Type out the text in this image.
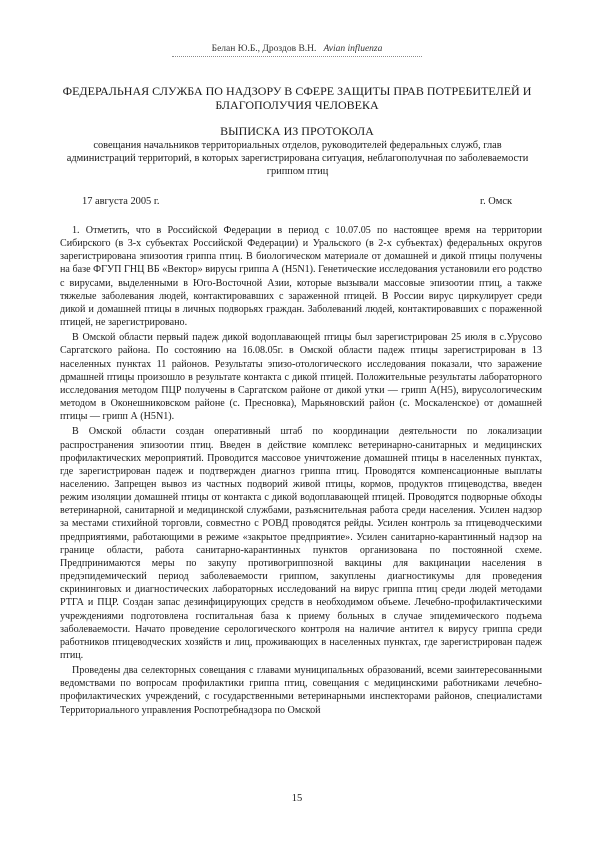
Белан Ю.Б., Дроздов В.Н. Avian influenza
ФЕДЕРАЛЬНАЯ СЛУЖБА ПО НАДЗОРУ В СФЕРЕ ЗАЩИТЫ ПРАВ ПОТРЕБИТЕЛЕЙ И БЛАГОПОЛУЧИЯ ЧЕЛОВЕКА
ВЫПИСКА ИЗ ПРОТОКОЛА
совещания начальников территориальных отделов, руководителей федеральных служб, глав администраций территорий, в которых зарегистрирована ситуация, неблагополучная по заболеваемости гриппом птиц
17 августа 2005 г.	г. Омск

1. Отметить, что в Российской Федерации в период с 10.07.05 по настоящее время на территории Сибирского (в 3-х субъектах Российской Федерации) и Уральского (в 2-х субъектах) федеральных округов зарегистрирована эпизоотия гриппа птиц. В биологическом материале от домашней и дикой птицы получены на базе ФГУП ГНЦ ВБ «Вектор» вирусы гриппа А (H5N1). Генетические исследования установили его родство с вирусами, выделенными в Юго-Восточной Азии, которые вызывали массовые эпизоотии птиц, а также тяжелые заболевания людей, контактировавших с зараженной птицей. В России вирус циркулирует среди дикой и домашней птицы в личных подворьях граждан. Заболеваний людей, контактировавших с пораженной птицей, не зарегистрировано.

В Омской области первый падеж дикой водоплавающей птицы был зарегистрирован 25 июля в с.Урусово Саргатского района. По состоянию на 16.08.05г. в Омской области падеж птицы зарегистрирован в 13 населенных пунктах 11 районов. Результаты эпизо-отологического исследования показали, что заражение дрмашней птицы произошло в результате контакта с дикой птицей. Положительные результаты лабораторного исследования методом ПЦР получены в Саргатском районе от дикой утки — грипп А(Н5), вирусологическим методом в Оконешниковском районе (с. Пресновка), Марьяновский район (с. Москаленское) от домашней птицы — грипп А (H5N1).

В Омской области создан оперативный штаб по координации деятельности по локализации распространения эпизоотии птиц. Введен в действие комплекс ветеринарно-санитарных и медицинских профилактических мероприятий. Проводится массовое уничтожение домашней птицы в населенных пунктах, где зарегистрирован падеж и подтвержден диагноз гриппа птиц. Проводятся компенсационные выплаты населению. Запрещен вывоз из частных подворий живой птицы, кормов, продуктов птицеводства, введен режим изоляции домашней птицы от контакта с дикой водоплавающей птицей. Проводятся подворные обходы ветеринарной, санитарной и медицинской службами, разъяснительная работа среди населения. Усилен надзор за местами стихийной торговли, совместно с РОВД проводятся рейды. Усилен контроль за птицеводческими предприятиями, работающими в режиме «закрытое предприятие». Усилен санитарно-карантинный надзор на границе области, работа санитарно-карантинных пунктов организована по постоянной схеме. Предпринимаются меры по закупу противогриппозной вакцины для вакцинации населения в предэпидемический период заболеваемости гриппом, закуплены диагностикумы для проведения скрининговых и диагностических лабораторных исследований на вирус гриппа птиц среди людей методами РТГА и ПЦР. Создан запас дезинфицирующих средств в необходимом объеме. Лечебно-профилактическими учреждениями подготовлена госпитальная база к приему больных в случае эпидемического подъема заболеваемости. Начато проведение серологического контроля на наличие антител к вирусу гриппа среди работников птицеводческих хозяйств и лиц, проживающих в населенных пунктах, где зарегистрирован падеж птиц.

Проведены два селекторных совещания с главами муниципальных образований, всеми заинтересованными ведомствами по вопросам профилактики гриппа птиц, совещания с медицинскими работниками лечебно-профилактических учреждений, с государственными ветеринарными инспекторами районов, специалистами Территориального управления Роспотребнадзора по Омской

15
